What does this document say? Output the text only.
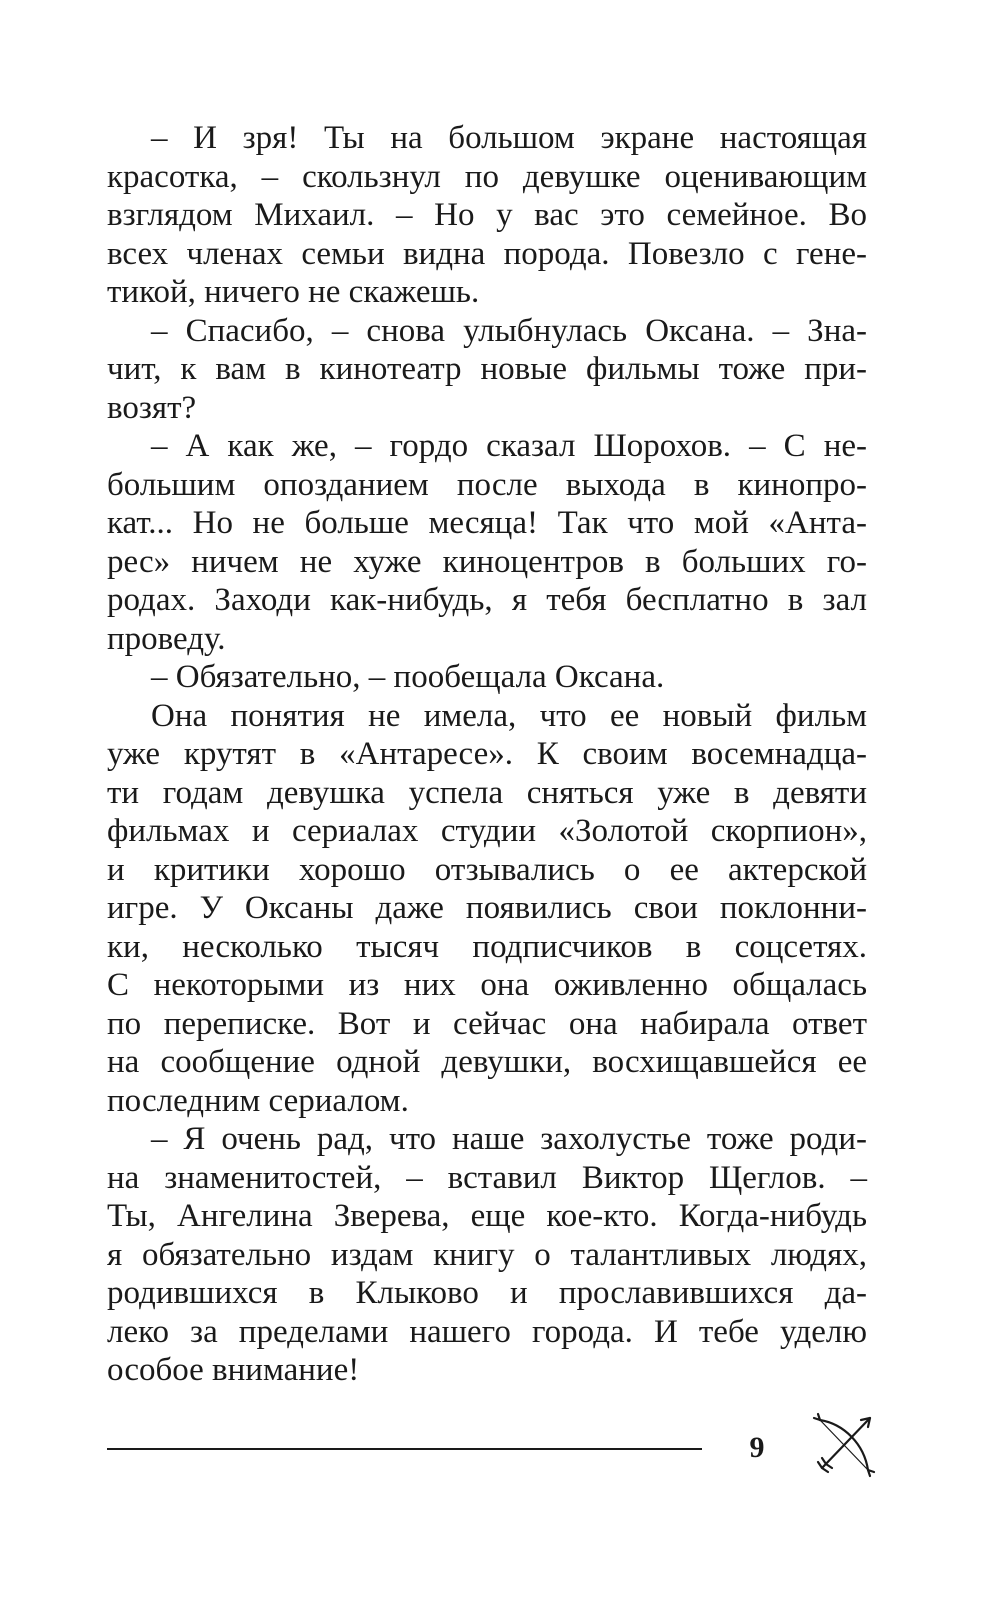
– И зря! Ты на большом экране настоящая
красотка, – скользнул по девушке оценивающим
взглядом Михаил. – Но у вас это семейное. Во
всех членах семьи видна порода. Повезло с гене-
тикой, ничего не скажешь.
– Спасибо, – снова улыбнулась Оксана. – Зна-
чит, к вам в кинотеатр новые фильмы тоже при-
возят?
– А как же, – гордо сказал Шорохов. – С не-
большим опозданием после выхода в кинопро-
кат... Но не больше месяца! Так что мой «Анта-
рес» ничем не хуже киноцентров в больших го-
родах. Заходи как-нибудь, я тебя бесплатно в зал
проведу.
– Обязательно, – пообещала Оксана.
Она понятия не имела, что ее новый фильм
уже крутят в «Антаресе». К своим восемнадца-
ти годам девушка успела сняться уже в девяти
фильмах и сериалах студии «Золотой скорпион»,
и критики хорошо отзывались о ее актерской
игре. У Оксаны даже появились свои поклонни-
ки, несколько тысяч подписчиков в соцсетях.
С некоторыми из них она оживленно общалась
по переписке. Вот и сейчас она набирала ответ
на сообщение одной девушки, восхищавшейся ее
последним сериалом.
– Я очень рад, что наше захолустье тоже роди-
на знаменитостей, – вставил Виктор Щеглов. –
Ты, Ангелина Зверева, еще кое-кто. Когда-нибудь
я обязательно издам книгу о талантливых людях,
родившихся в Клыково и прославившихся да-
леко за пределами нашего города. И тебе уделю
особое внимание!
9
